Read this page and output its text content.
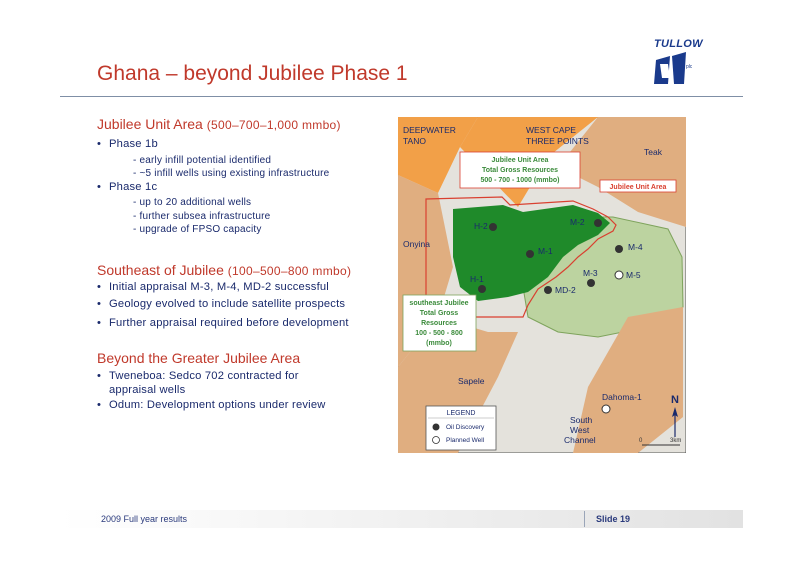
TULLOW
plc
Ghana – beyond Jubilee Phase 1
Jubilee Unit Area (500–700–1,000 mmbo)
• Phase 1b
- early infill potential identified
- ~5 infill wells using existing infrastructure
• Phase 1c
- up to 20 additional wells
- further subsea infrastructure
- upgrade of FPSO capacity
Southeast of Jubilee (100–500–800 mmbo)
• Initial appraisal M-3, M-4, MD-2 successful
• Geology evolved to include satellite prospects
• Further appraisal required before development
Beyond the Greater Jubilee Area
• Tweneboa: Sedco 702 contracted for
appraisal wells
• Odum: Development options under review
DEEPWATER
TANO
WEST CAPE
THREE POINTS
Teak
Onyina
Sapele
South
West
Channel
H-2	M-2
M-1	M-4
H-1
M-3	M-5
MD-2
Dahoma-1
Jubilee Unit Area
Total Gross Resources
500 - 700 - 1000 (mmbo)
Jubilee Unit Area
southeast Jubilee
Total Gross
Resources
100 - 500 - 800
(mmbo)
LEGEND
Oil Discovery
Planned Well
N
0	3km
2009 Full year results	Slide 19
